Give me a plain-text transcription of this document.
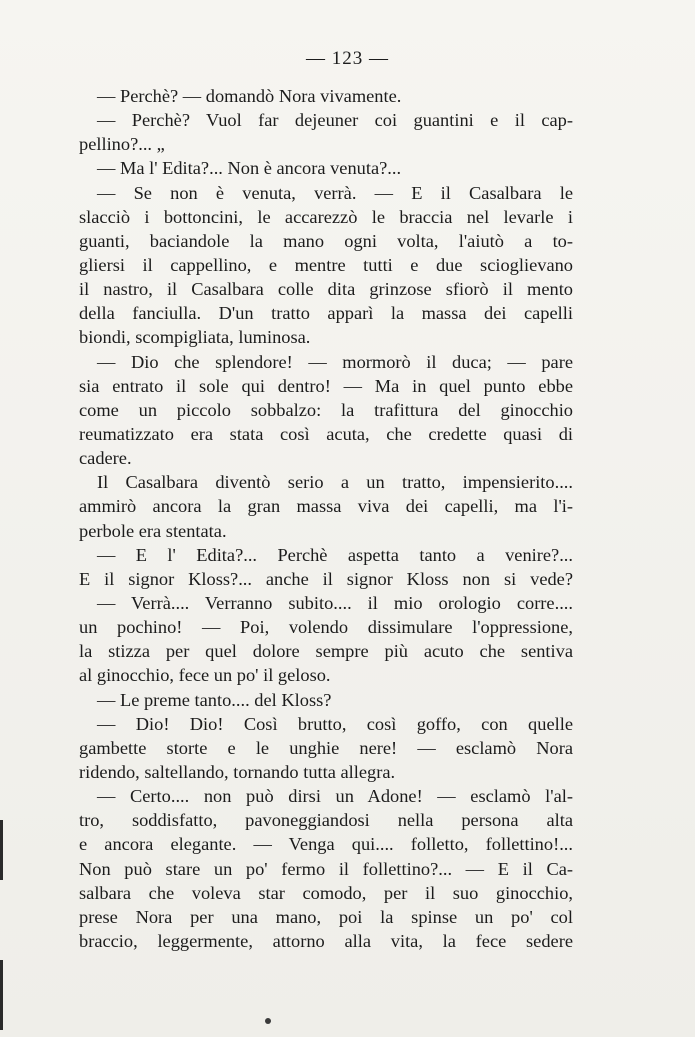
— 123 —
— Perchè? — domandò Nora vivamente.
— Perchè? Vuol far dejeuner coi guantini e il cap-
pellino?... „
— Ma l' Edita?... Non è ancora venuta?...
— Se non è venuta, verrà. — E il Casalbara le
slacciò i bottoncini, le accarezzò le braccia nel levarle i
guanti, baciandole la mano ogni volta, l'aiutò a to-
gliersi il cappellino, e mentre tutti e due scioglievano
il nastro, il Casalbara colle dita grinzose sfiorò il mento
della fanciulla. D'un tratto apparì la massa dei capelli
biondi, scompigliata, luminosa.
— Dio che splendore! — mormorò il duca; — pare
sia entrato il sole qui dentro! — Ma in quel punto ebbe
come un piccolo sobbalzo: la trafittura del ginocchio
reumatizzato era stata così acuta, che credette quasi di
cadere.
Il Casalbara diventò serio a un tratto, impensierito....
ammirò ancora la gran massa viva dei capelli, ma l'i-
perbole era stentata.
— E l' Edita?... Perchè aspetta tanto a venire?...
E il signor Kloss?... anche il signor Kloss non si vede?
— Verrà.... Verranno subito.... il mio orologio corre....
un pochino! — Poi, volendo dissimulare l'oppressione,
la stizza per quel dolore sempre più acuto che sentiva
al ginocchio, fece un po' il geloso.
— Le preme tanto.... del Kloss?
— Dio! Dio! Così brutto, così goffo, con quelle
gambette storte e le unghie nere! — esclamò Nora
ridendo, saltellando, tornando tutta allegra.
— Certo.... non può dirsi un Adone! — esclamò l'al-
tro, soddisfatto, pavoneggiandosi nella persona alta
e ancora elegante. — Venga qui.... folletto, follettino!...
Non può stare un po' fermo il follettino?... — E il Ca-
salbara che voleva star comodo, per il suo ginocchio,
prese Nora per una mano, poi la spinse un po' col
braccio, leggermente, attorno alla vita, la fece sedere
